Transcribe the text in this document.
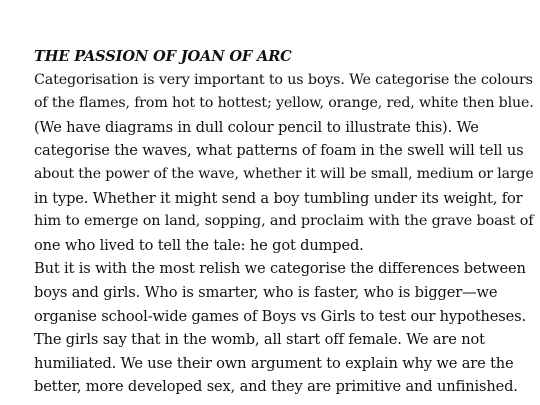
THE PASSION OF JOAN OF ARC
Categorisation is very important to us boys. We categorise the colours
of the flames, from hot to hottest; yellow, orange, red, white then blue.
(We have diagrams in dull colour pencil to illustrate this). We
categorise the waves, what patterns of foam in the swell will tell us
about the power of the wave, whether it will be small, medium or large
in type. Whether it might send a boy tumbling under its weight, for
him to emerge on land, sopping, and proclaim with the grave boast of
one who lived to tell the tale: he got dumped.
But it is with the most relish we categorise the differences between
boys and girls. Who is smarter, who is faster, who is bigger—we
organise school-wide games of Boys vs Girls to test our hypotheses.
The girls say that in the womb, all start off female. We are not
humiliated. We use their own argument to explain why we are the
better, more developed sex, and they are primitive and unfinished.
